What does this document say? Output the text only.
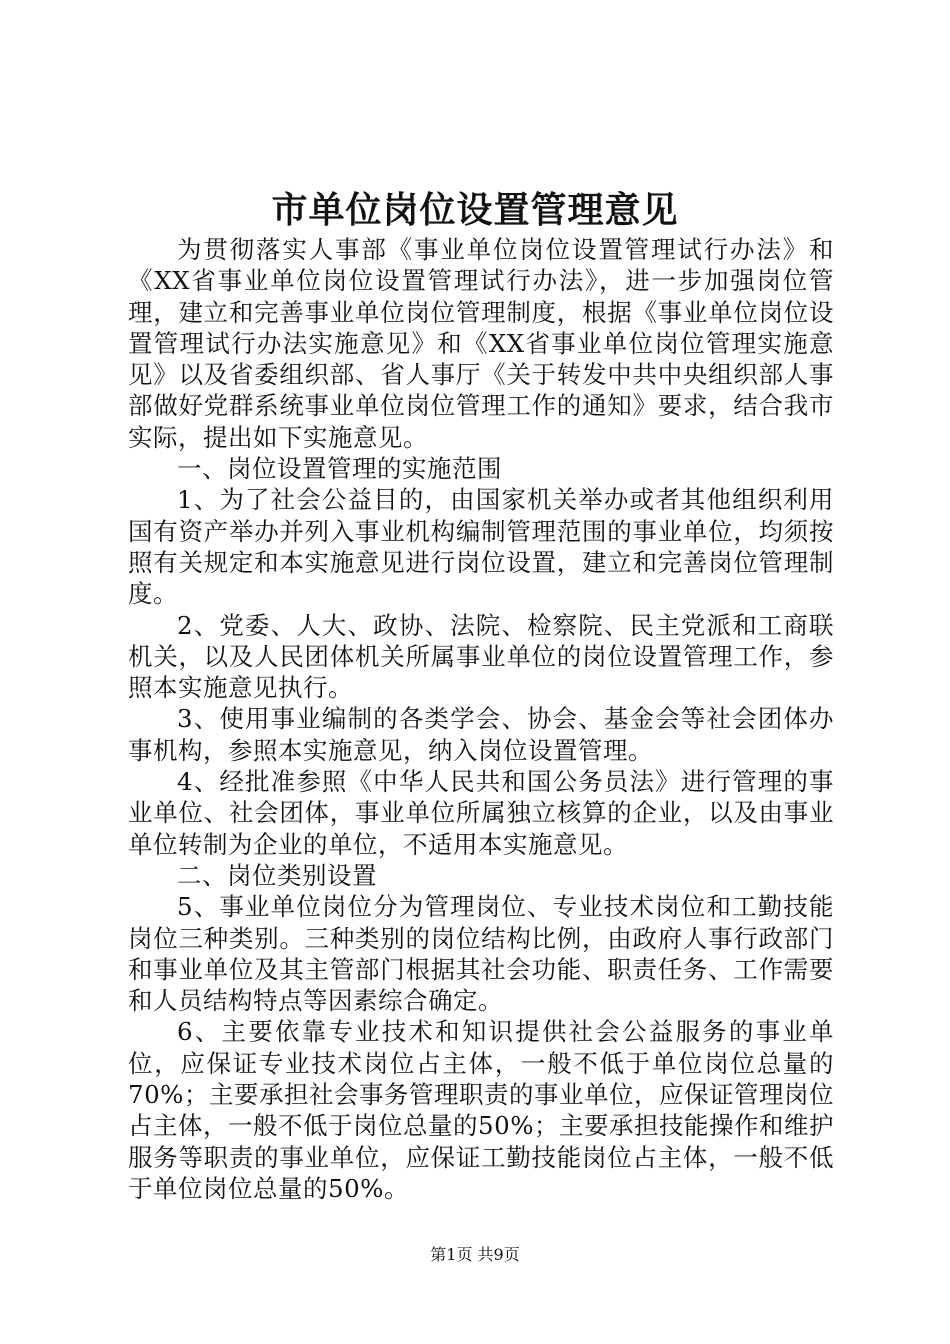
市单位岗位设置管理意见

为贯彻落实人事部《事业单位岗位设置管理试行办法》和《XX省事业单位岗位设置管理试行办法》，进一步加强岗位管理，建立和完善事业单位岗位管理制度，根据《事业单位岗位设置管理试行办法实施意见》和《XX省事业单位岗位管理实施意见》以及省委组织部、省人事厅《关于转发中共中央组织部人事部做好党群系统事业单位岗位管理工作的通知》要求，结合我市实际，提出如下实施意见。

一、岗位设置管理的实施范围

1、为了社会公益目的，由国家机关举办或者其他组织利用国有资产举办并列入事业机构编制管理范围的事业单位，均须按照有关规定和本实施意见进行岗位设置，建立和完善岗位管理制度。

2、党委、人大、政协、法院、检察院、民主党派和工商联机关，以及人民团体机关所属事业单位的岗位设置管理工作，参照本实施意见执行。

3、使用事业编制的各类学会、协会、基金会等社会团体办事机构，参照本实施意见，纳入岗位设置管理。

4、经批准参照《中华人民共和国公务员法》进行管理的事业单位、社会团体，事业单位所属独立核算的企业，以及由事业单位转制为企业的单位，不适用本实施意见。

二、岗位类别设置

5、事业单位岗位分为管理岗位、专业技术岗位和工勤技能岗位三种类别。三种类别的岗位结构比例，由政府人事行政部门和事业单位及其主管部门根据其社会功能、职责任务、工作需要和人员结构特点等因素综合确定。

6、主要依靠专业技术和知识提供社会公益服务的事业单位，应保证专业技术岗位占主体，一般不低于单位岗位总量的70%；主要承担社会事务管理职责的事业单位，应保证管理岗位占主体，一般不低于岗位总量的50%；主要承担技能操作和维护服务等职责的事业单位，应保证工勤技能岗位占主体，一般不低于单位岗位总量的50%。

第1页 共9页
